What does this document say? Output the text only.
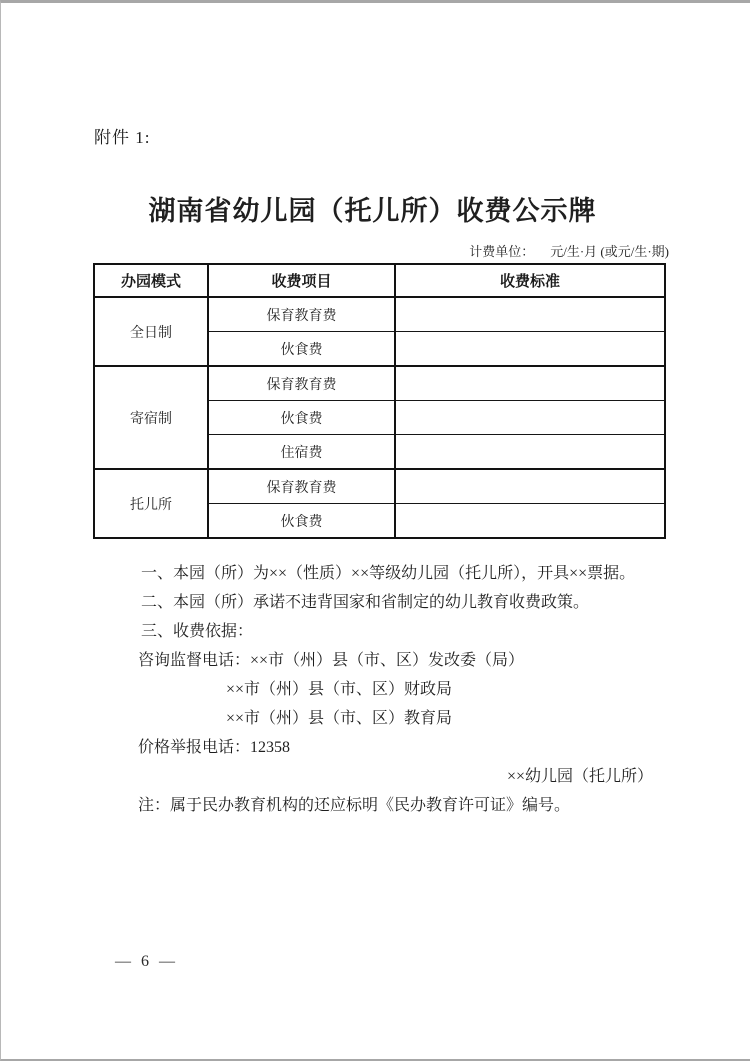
附件 1:
湖南省幼儿园（托儿所）收费公示牌
计费单位： 元/生·月 (或元/生·期)
办园模式	收费项目	收费标准
全日制	保育教育费	
	伙食费	
寄宿制	保育教育费	
	伙食费	
	住宿费	
托儿所	保育教育费	
	伙食费	

一、本园（所）为××（性质）××等级幼儿园（托儿所），开具××票据。

二、本园（所）承诺不违背国家和省制定的幼儿教育收费政策。

三、收费依据：

咨询监督电话：××市（州）县（市、区）发改委（局）

××市（州）县（市、区）财政局

××市（州）县（市、区）教育局

价格举报电话：12358

××幼儿园（托儿所）

注：属于民办教育机构的还应标明《民办教育许可证》编号。

— 6 —
